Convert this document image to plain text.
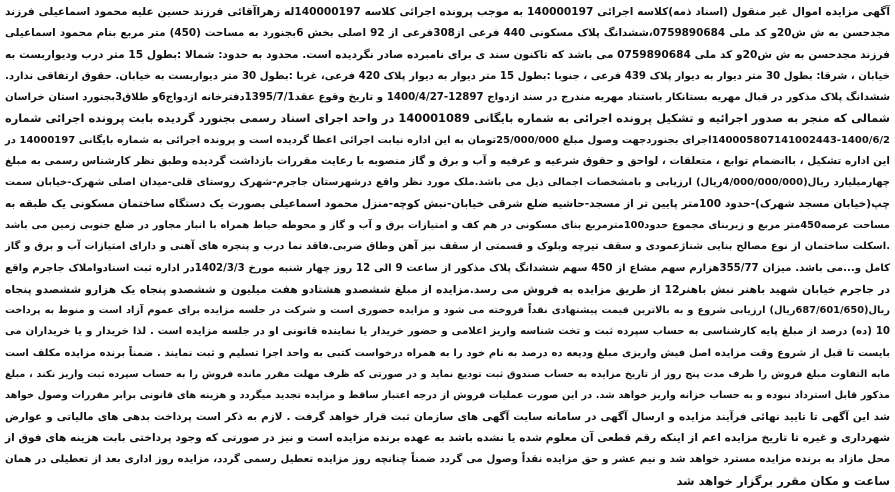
آگهی مزایده اموال غیر منقول (اسناد ذمه)کلاسه اجرائی 140000197 به موجب پرونده اجرائی کلاسه 140000197له زهراآقائی فرزند حسین علیه محمود اسماعیلی فرزند
مجدحسن به ش ش20و کد ملی 0759890684،ششدانگ پلاک مسکونی 440 فرعی از308فرعی از 92 اصلی بخش 6بجنورد به مساحت (450) متر مربع بنام محمود اسماعیلی
فرزند مجدحسن به ش ش20و کد ملی 0759890684 می باشد که تاکنون سند ی برای نامبرده صادر نگردیده است. محدود به حدود: شمالا :بطول 15 متر درب ودیواربست به
خیابان ، شرقا: بطول 30 متر دیوار به دیوار پلاک 439 فرعی ، جنوبا :بطول 15 متر دیوار به دیوار پلاک 420 فرعی، غربا :بطول 30 متر دیواربست به خیابان. حقوق ارتفاقی ندارد.
ششدانگ پلاک مذکور در قبال مهریه بستانکار باستناد مهریه مندرج در سند ازدواج 12897-1400/4/27 و تاریخ وقوع عقد1395/7/1دفترخانه ازدواج6و طلاق3بجنورد استان خراسان
شمالی که منجر به صدور اجرائیه و تشکیل پرونده اجرائی به شماره بایگانی 140001089 در واحد اجرای اسناد رسمی بجنورد گردیده بابت پرونده اجرائی شماره
140005807141002443-1400/6/2اجرای بجنوردجهت وصول مبلغ 25/000/000تومان به این اداره نیابت اجرائی اعطا گردیده است و پرونده اجرائی به شماره بایگانی 14000197 در
این اداره تشکیل ، باانضمام توابع ، متعلقات ، لواحق و حقوق شرعیه و عرفیه و آب و برق و گاز منصوبه با رعایت مقررات بازداشت گردیده وطبق نظر کارشناس رسمی به مبلغ
چهارمیلیارد ریال(4/000/000/000ریال) ارزیابی و بامشخصات اجمالی ذیل می باشد.ملک مورد نظر واقع درشهرستان جاجرم-شهرک روستای قلی-میدان اصلی شهرک-خیابان سمت
چپ(خیابان مسجد شهرک)-حدود 100متر پایین تر از مسجد-حاشیه ضلع شرقی خیابان-نبش کوچه-منزل محمود اسماعیلی بصورت یک دستگاه ساختمان مسکونی یک طبقه به
مساحت عرصه450متر مربع و زیربنای مجموع حدود100مترمربع بنای مسکونی در هم کف و امتیازات برق و آب و گاز و محوطه حیاط همراه با انبار مجاور در ضلع جنوبی زمین می باشد
.اسکلت ساختمان از نوع مصالح بنایی شناژعمودی و سقف تیرچه وبلوک و قسمتی از سقف نیز آهن وطاق ضربی.فاقد نما درب و پنجره های آهنی و دارای امتیازات آب و برق و گاز
کامل و...می باشد. میزان 355/77هزارم سهم مشاع از 450 سهم ششدانگ پلاک مذکور از ساعت 9 الی 12 روز چهار شنبه مورخ 1402/3/3در اداره ثبت اسنادواملاک جاجرم واقع
در جاجرم خیابان شهید باهنر نبش باهنر12 از طریق مزایده به فروش می رسد.مزایده از مبلغ ششصدو هشتادو هفت میلیون و ششصدو پنجاه یک هزارو ششصدو پنجاه
ریال(687/601/650ریال) ارزیابی شروع و به بالاترین قیمت پیشنهادی نقداً فروخته می شود و مزایده حضوری است و شرکت در جلسه مزایده برای عموم آزاد است و منوط به پرداخت
10 (ده) درصد از مبلغ پایه کارشناسی به حساب سپرده ثبت و تخت شناسه واریز اعلامی و حضور خریدار یا نماینده قانونی او در جلسه مزایده است . لذا خریدار و یا خریداران می
بایست تا قبل از شروع وقت مزایده اصل فیش واریزی مبلغ ودیعه ده درصد به نام خود را به همراه درخواست کتبی به واحد اجرا تسلیم و ثبت نمایند . ضمناً برنده مزایده مکلف است
مابه التفاوت مبلغ فروش را ظرف مدت پنج روز از تاریخ مزایده به حساب صندوق ثبت تودیع نماید و در صورتی که ظرف مهلت مقرر مانده فروش را به حساب سپرده ثبت واریز نکند ، مبلغ
مذکور قابل استرداد نبوده و به حساب خزانه واریز خواهد شد. در این صورت عملیات فروش از درجه اعتبار ساقط و مزایده تجدید میگردد و هزینه های قانونی برابر مقررات وصول خواهد
شد این آگهی تا تایید نهائی فرآیند مزایده و ارسال آگهی در سامانه سایت آگهی های سازمان ثبت قرار خواهد گرفت . لازم به ذکر است پرداخت بدهی های مالیاتی و عوارض
شهرداری و غیره تا تاریخ مزایده اعم از اینکه رقم قطعی آن معلوم شده یا نشده باشد به عهده برنده مزایده است و نیز در صورتی که وجود پرداختی بابت هزینه های فوق از
محل مازاد به برنده مزایده مسترد خواهد شد و نیم عشر و حق مزایده نقداً وصول می گردد ضمناً چنانچه روز مزایده تعطیل رسمی گردد، مزایده روز اداری بعد از تعطیلی در همان
ساعت و مکان مقرر برگزار خواهد شد
